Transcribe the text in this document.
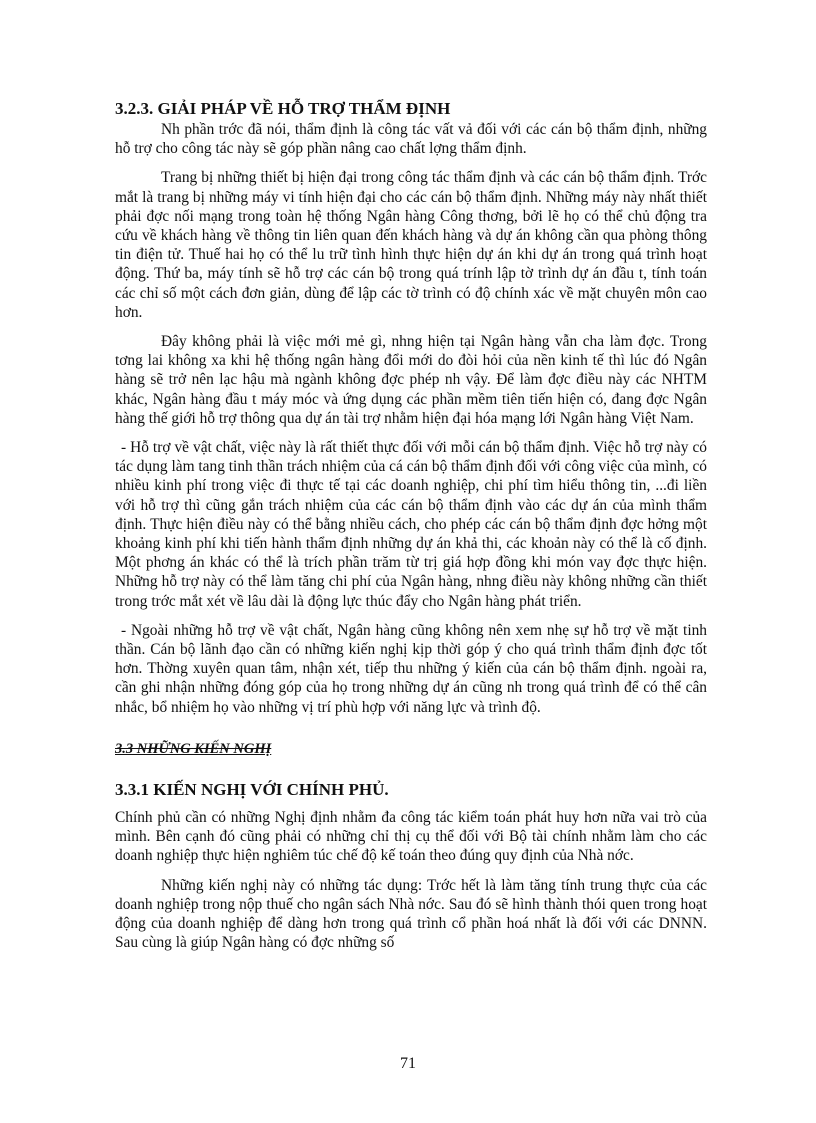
3.2.3. GIẢI PHÁP VỀ HỖ TRỢ THẨM ĐỊNH

Nh phần trớc đã nói, thẩm định là công tác vất vả đối với các cán bộ thẩm định, những hỗ trợ cho công tác này sẽ góp phần nâng cao chất lợng thẩm định.

Trang bị những thiết bị hiện đại trong công tác thẩm định và các cán bộ thẩm định. Trớc mắt là trang bị những máy vi tính hiện đại cho các cán bộ thẩm định. Những máy này nhất thiết phải đợc nối mạng trong toàn hệ thống Ngân hàng Công thơng, bởi lẽ họ có thể chủ động tra cứu về khách hàng về thông tin liên quan đến khách hàng và dự án không cần qua phòng thông tin điện tử. Thuế hai họ có thể lu trữ tình hình thực hiện dự án khi dự án trong quá trình hoạt động. Thứ ba, máy tính sẽ hỗ trợ các cán bộ trong quá trính lập tờ trình dự án đầu t, tính toán các chỉ số một cách đơn giản, dùng để lập các tờ trình có độ chính xác về mặt chuyên môn cao hơn.

Đây không phải là việc mới mẻ gì, nhng hiện tại Ngân hàng vẫn cha làm đợc. Trong tơng lai không xa khi hệ thống ngân hàng đổi mới do đòi hỏi của nền kinh tế thì lúc đó Ngân hàng sẽ trở nên lạc hậu mà ngành không đợc phép nh vậy. Để làm đợc điều này các NHTM khác, Ngân hàng đầu t máy móc và ứng dụng các phần mềm tiên tiến hiện có, đang đợc Ngân hàng thế giới hỗ trợ thông qua dự án tài trợ nhằm hiện đại hóa mạng lới Ngân hàng Việt Nam.

- Hỗ trợ về vật chất, việc này là rất thiết thực đối với mỗi cán bộ thẩm định. Việc hỗ trợ này có tác dụng làm tang tinh thần trách nhiệm của cá cán bộ thẩm định đối với công việc của mình, có nhiều kinh phí trong việc đi thực tế tại các doanh nghiệp, chi phí tìm hiểu thông tin, ...đi liền với hỗ trợ thì cũng gắn trách nhiệm của các cán bộ thẩm định vào các dự án của mình thẩm định. Thực hiện điều này có thể bằng nhiều cách, cho phép các cán bộ thẩm định đợc hởng một khoảng kinh phí khi tiến hành thẩm định những dự án khả thi, các khoản này có thể là cố định. Một phơng án khác có thể là trích phần trăm từ trị giá hợp đồng khi món vay đợc thực hiện. Những hỗ trợ này có thể làm tăng chi phí của Ngân hàng, nhng điều này không những cần thiết trong trớc mắt xét về lâu dài là động lực thúc đẩy cho Ngân hàng phát triển.

- Ngoài những hỗ trợ về vật chất, Ngân hàng cũng không nên xem nhẹ sự hỗ trợ về mặt tinh thần. Cán bộ lãnh đạo cần có những kiến nghị kịp thời góp ý cho quá trình thẩm định đợc tốt hơn. Thờng xuyên quan tâm, nhận xét, tiếp thu những ý kiến của cán bộ thẩm định. ngoài ra, cần ghi nhận những đóng góp của họ trong những dự án cũng nh trong quá trình để có thể cân nhắc, bổ nhiệm họ vào những vị trí phù hợp với năng lực và trình độ.

3.3 NHỮNG KIẾN NGHỊ
3.3.1 KIẾN NGHỊ VỚI CHÍNH PHỦ.

Chính phủ cần có những Nghị định nhằm đa công tác kiểm toán phát huy hơn nữa vai trò của mình. Bên cạnh đó cũng phải có những chỉ thị cụ thể đối với Bộ tài chính nhằm làm cho các doanh nghiệp thực hiện nghiêm túc chế độ kế toán theo đúng quy định của Nhà nớc.

Những kiến nghị này có những tác dụng: Trớc hết là làm tăng tính trung thực của các doanh nghiệp trong nộp thuế cho ngân sách Nhà nớc. Sau đó sẽ hình thành thói quen trong hoạt động của doanh nghiệp để dàng hơn trong quá trình cổ phần hoá nhất là đối với các DNNN. Sau cùng là giúp Ngân hàng có đợc những số

71
